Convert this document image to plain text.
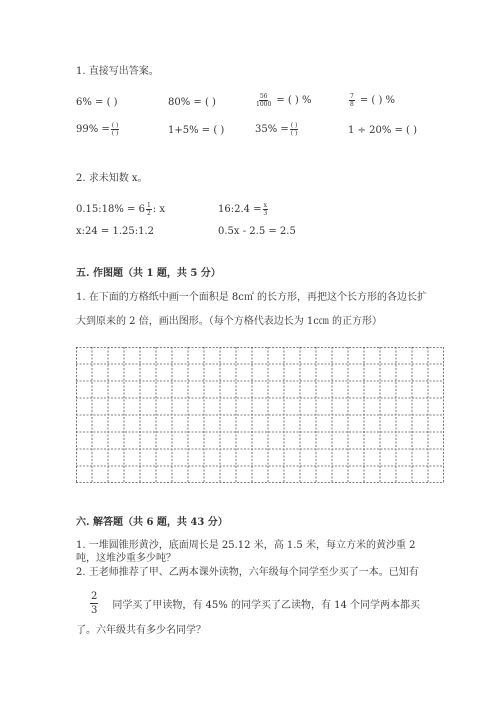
1. 直接写出答案。
6% = ( )	80% = ( )	$\frac{56}{1000}$ = ( ) %	$\frac{7}{8}$ = ( ) %
$99\% = \frac{( )}{( )}$	1+5% = ( )	$35\% = \frac{( )}{( )}$	1 ÷ 20% = ( )
2. 求未知数 x。
0.15:18% = $6 \frac{1}{2}$ : x	16:2.4 = $\frac{x}{3}$
x:24 = 1.25:1.2	0.5x - 2.5 = 2.5
五. 作图题（共 1 题，共 5 分）
1. 在下面的方格纸中画一个面积是 8c㎡ 的长方形，再把这个长方形的各边长扩
大到原来的 2 倍，画出图形。（每个方格代表边长为 1c㎝ 的正方形）
六. 解答题（共 6 题，共 43 分）
1. 一堆圆锥形黄沙，底面周长是 25.12 米，高 1.5 米，每立方米的黄沙重 2
吨，这堆沙重多少吨？
2. 王老师推荐了甲、乙两本课外读物，六年级每个同学至少买了一本。已知有
2
3 同学买了甲读物，有 45% 的同学买了乙读物，有 14 个同学两本都买
了。六年级共有多少名同学？
